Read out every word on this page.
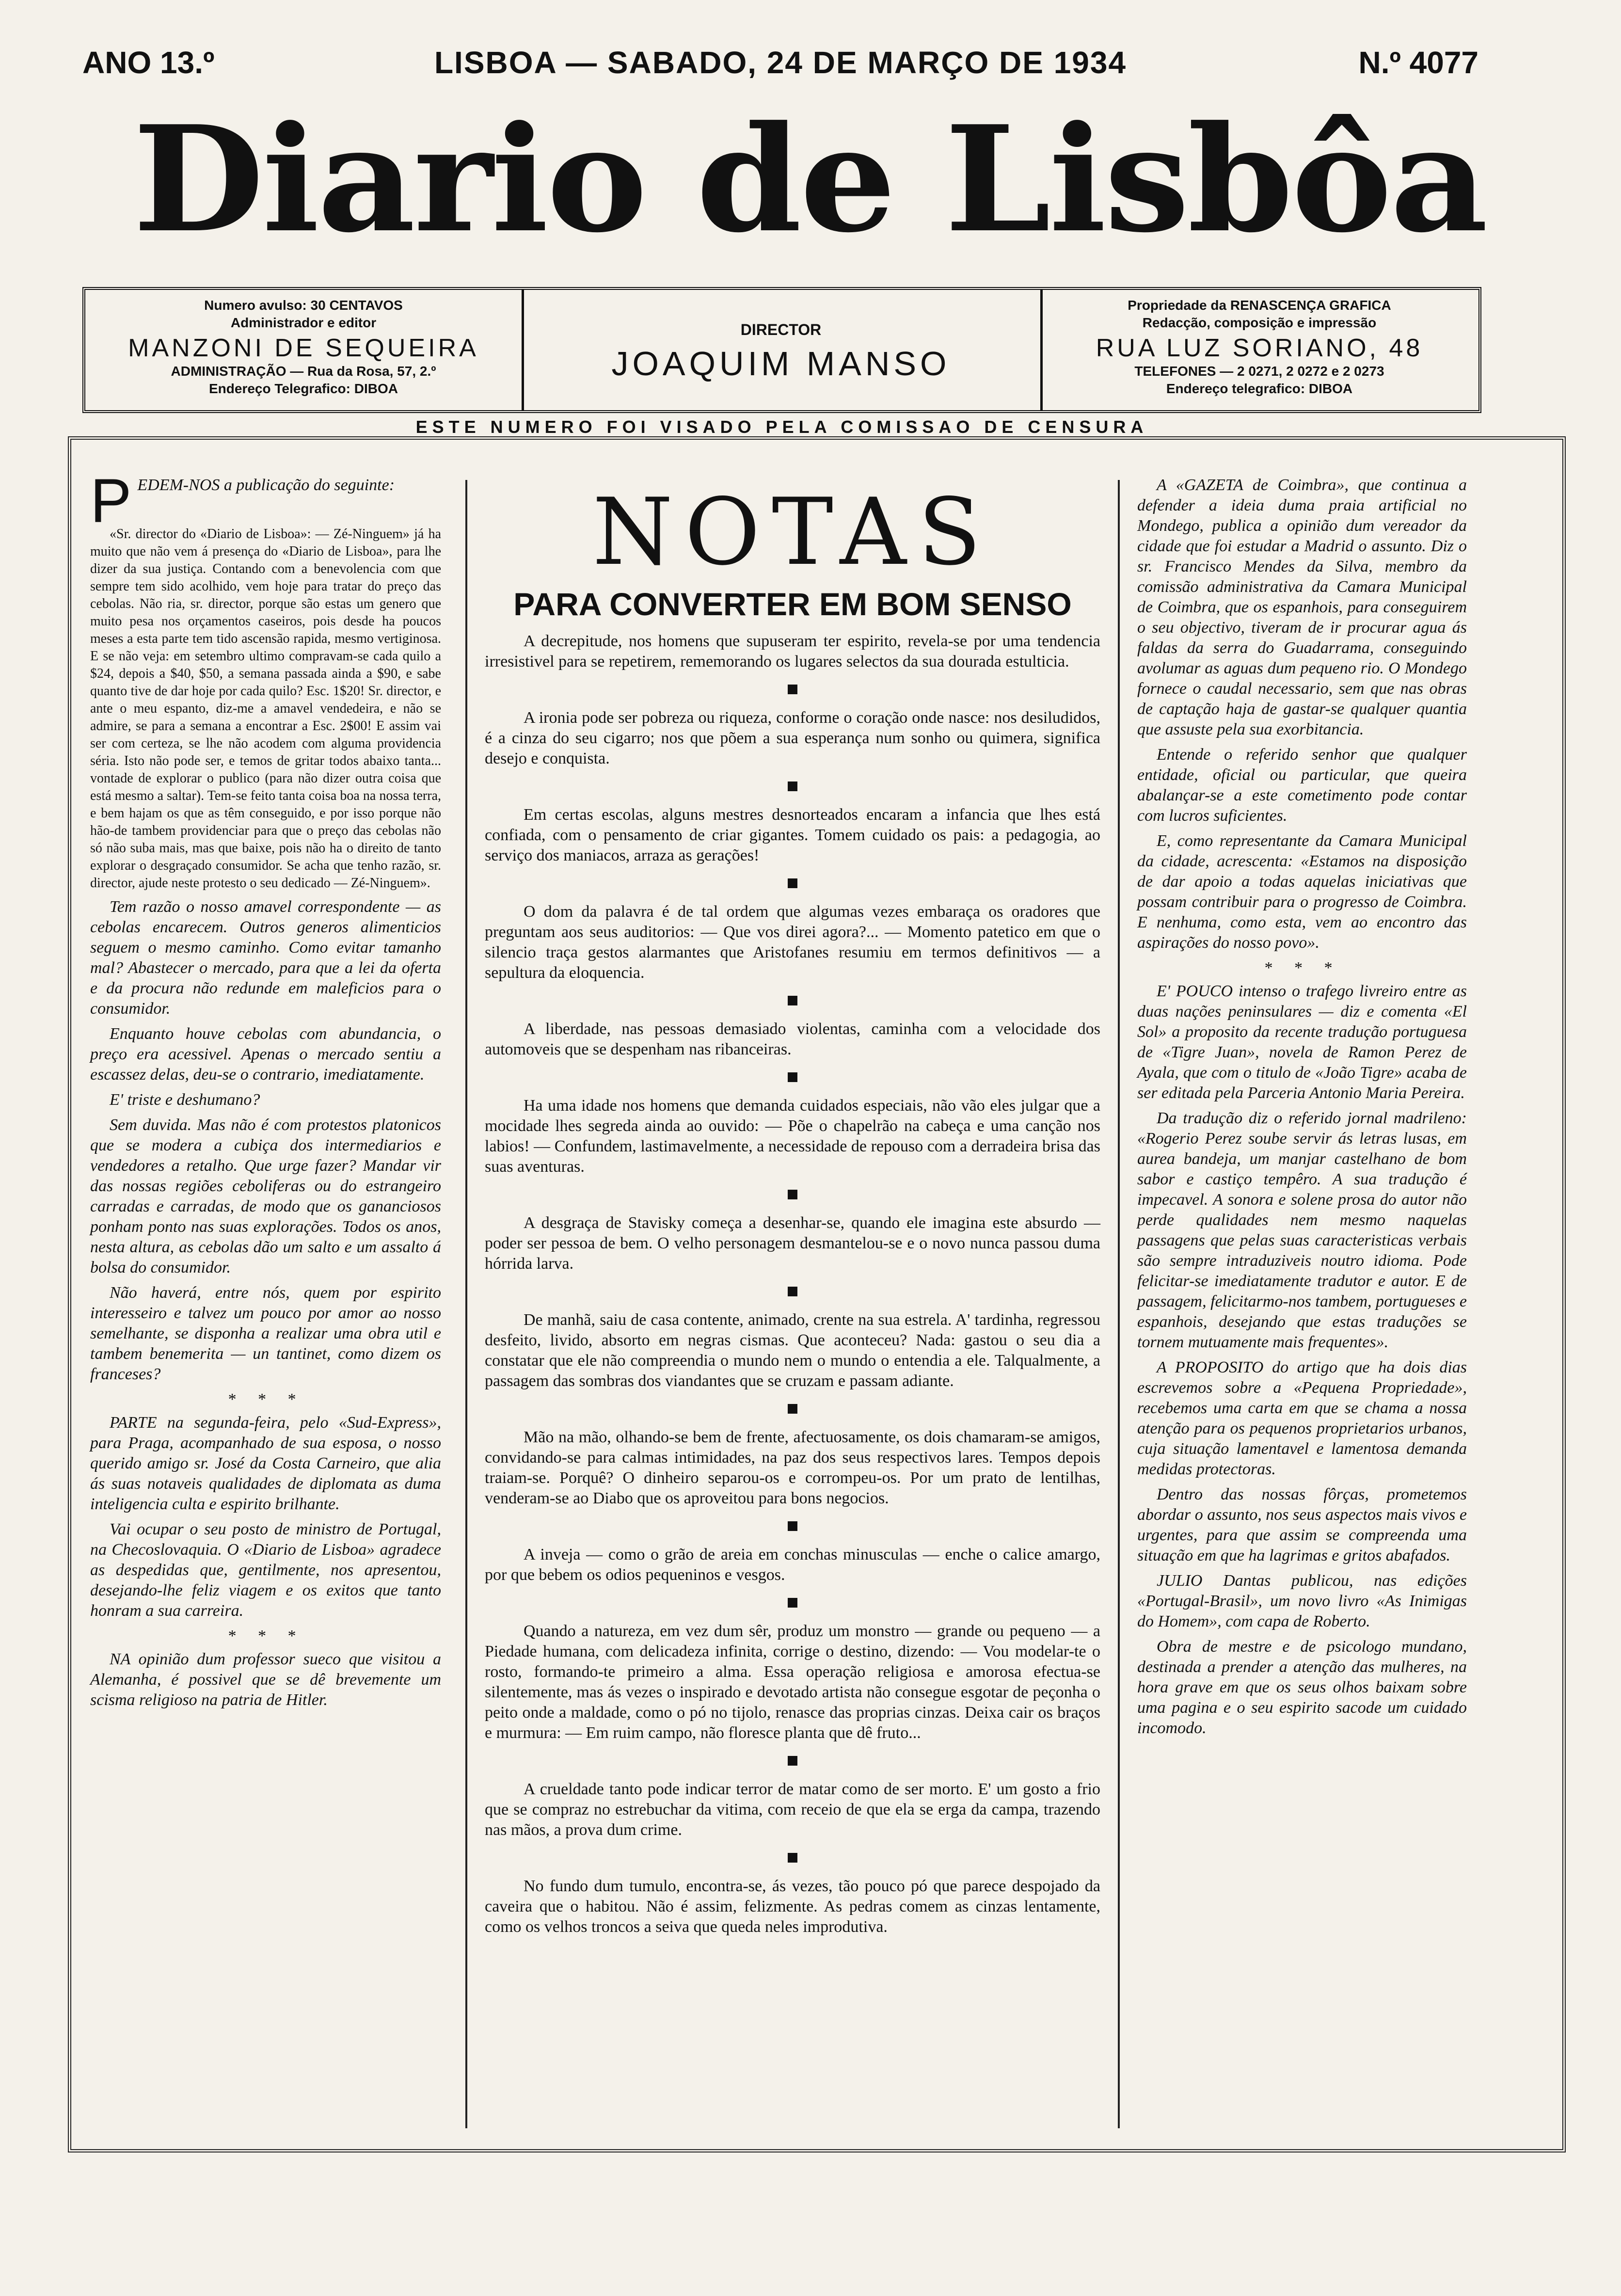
ANO 13.º	LISBOA — SABADO, 24 DE MARÇO DE 1934	N.º 4077
Diario de Lisbôa
Numero avulso: 30 CENTAVOS
Administrador e editor
MANZONI DE SEQUEIRA
ADMINISTRAÇÃO — Rua da Rosa, 57, 2.º
Endereço Telegrafico: DIBOA
DIRECTOR
JOAQUIM MANSO
Propriedade da RENASCENÇA GRAFICA
Redacção, composição e impressão
RUA LUZ SORIANO, 48
TELEFONES — 2 0271, 2 0272 e 2 0273
Endereço telegrafico: DIBOA
ESTE NUMERO FOI VISADO PELA COMISSAO DE CENSURA

PEDEM-NOS a publicação do seguinte:

«Sr. director do «Diario de Lisboa»: — Zé-Ninguem» já ha muito que não vem á presença do «Diario de Lisboa», para lhe dizer da sua justiça. Contando com a benevolencia com que sempre tem sido acolhido, vem hoje para tratar do preço das cebolas. Não ria, sr. director, porque são estas um genero que muito pesa nos orçamentos caseiros, pois desde ha poucos meses a esta parte tem tido ascensão rapida, mesmo vertiginosa. E se não veja: em setembro ultimo compravam-se cada quilo a $24, depois a $40, $50, a semana passada ainda a $90, e sabe quanto tive de dar hoje por cada quilo? Esc. 1$20! Sr. director, e ante o meu espanto, diz-me a amavel vendedeira, e não se admire, se para a semana a encontrar a Esc. 2$00! E assim vai ser com certeza, se lhe não acodem com alguma providencia séria. Isto não pode ser, e temos de gritar todos abaixo tanta... vontade de explorar o publico (para não dizer outra coisa que está mesmo a saltar). Tem-se feito tanta coisa boa na nossa terra, e bem hajam os que as têm conseguido, e por isso porque não hão-de tambem providenciar para que o preço das cebolas não só não suba mais, mas que baixe, pois não ha o direito de tanto explorar o desgraçado consumidor. Se acha que tenho razão, sr. director, ajude neste protesto o seu dedicado — Zé-Ninguem».

Tem razão o nosso amavel correspondente — as cebolas encarecem. Outros generos alimenticios seguem o mesmo caminho. Como evitar tamanho mal? Abastecer o mercado, para que a lei da oferta e da procura não redunde em maleficios para o consumidor.

Enquanto houve cebolas com abundancia, o preço era acessivel. Apenas o mercado sentiu a escassez delas, deu-se o contrario, imediatamente.

E' triste e deshumano?

Sem duvida. Mas não é com protestos platonicos que se modera a cubiça dos intermediarios e vendedores a retalho. Que urge fazer? Mandar vir das nossas regiões ceboliferas ou do estrangeiro carradas e carradas, de modo que os gananciosos ponham ponto nas suas explorações. Todos os anos, nesta altura, as cebolas dão um salto e um assalto á bolsa do consumidor.

Não haverá, entre nós, quem por espirito interesseiro e talvez um pouco por amor ao nosso semelhante, se disponha a realizar uma obra util e tambem benemerita — un tantinet, como dizem os franceses?

* * *

PARTE na segunda-feira, pelo «Sud-Express», para Praga, acompanhado de sua esposa, o nosso querido amigo sr. José da Costa Carneiro, que alia ás suas notaveis qualidades de diplomata as duma inteligencia culta e espirito brilhante.

Vai ocupar o seu posto de ministro de Portugal, na Checoslovaquia. O «Diario de Lisboa» agradece as despedidas que, gentilmente, nos apresentou, desejando-lhe feliz viagem e os exitos que tanto honram a sua carreira.

* * *

NA opinião dum professor sueco que visitou a Alemanha, é possivel que se dê brevemente um scisma religioso na patria de Hitler.

NOTAS
PARA CONVERTER EM BOM SENSO

A decrepitude, nos homens que supuseram ter espirito, revela-se por uma tendencia irresistivel para se repetirem, rememorando os lugares selectos da sua dourada estulticia.

A ironia pode ser pobreza ou riqueza, conforme o coração onde nasce: nos desiludidos, é a cinza do seu cigarro; nos que põem a sua esperança num sonho ou quimera, significa desejo e conquista.

Em certas escolas, alguns mestres desnorteados encaram a infancia que lhes está confiada, com o pensamento de criar gigantes. Tomem cuidado os pais: a pedagogia, ao serviço dos maniacos, arraza as gerações!

O dom da palavra é de tal ordem que algumas vezes embaraça os oradores que preguntam aos seus auditorios: — Que vos direi agora?... — Momento patetico em que o silencio traça gestos alarmantes que Aristofanes resumiu em termos definitivos — a sepultura da eloquencia.

A liberdade, nas pessoas demasiado violentas, caminha com a velocidade dos automoveis que se despenham nas ribanceiras.

Ha uma idade nos homens que demanda cuidados especiais, não vão eles julgar que a mocidade lhes segreda ainda ao ouvido: — Põe o chapelrão na cabeça e uma canção nos labios! — Confundem, lastimavelmente, a necessidade de repouso com a derradeira brisa das suas aventuras.

A desgraça de Stavisky começa a desenhar-se, quando ele imagina este absurdo — poder ser pessoa de bem. O velho personagem desmantelou-se e o novo nunca passou duma hórrida larva.

De manhã, saiu de casa contente, animado, crente na sua estrela. A' tardinha, regressou desfeito, livido, absorto em negras cismas. Que aconteceu? Nada: gastou o seu dia a constatar que ele não compreendia o mundo nem o mundo o entendia a ele. Talqualmente, a passagem das sombras dos viandantes que se cruzam e passam adiante.

Mão na mão, olhando-se bem de frente, afectuosamente, os dois chamaram-se amigos, convidando-se para calmas intimidades, na paz dos seus respectivos lares. Tempos depois traiam-se. Porquê? O dinheiro separou-os e corrompeu-os. Por um prato de lentilhas, venderam-se ao Diabo que os aproveitou para bons negocios.

A inveja — como o grão de areia em conchas minusculas — enche o calice amargo, por que bebem os odios pequeninos e vesgos.

Quando a natureza, em vez dum sêr, produz um monstro — grande ou pequeno — a Piedade humana, com delicadeza infinita, corrige o destino, dizendo: — Vou modelar-te o rosto, formando-te primeiro a alma. Essa operação religiosa e amorosa efectua-se silentemente, mas ás vezes o inspirado e devotado artista não consegue esgotar de peçonha o peito onde a maldade, como o pó no tijolo, renasce das proprias cinzas. Deixa cair os braços e murmura: — Em ruim campo, não floresce planta que dê fruto...

A crueldade tanto pode indicar terror de matar como de ser morto. E' um gosto a frio que se compraz no estrebuchar da vitima, com receio de que ela se erga da campa, trazendo nas mãos, a prova dum crime.

No fundo dum tumulo, encontra-se, ás vezes, tão pouco pó que parece despojado da caveira que o habitou. Não é assim, felizmente. As pedras comem as cinzas lentamente, como os velhos troncos a seiva que queda neles improdutiva.

A «GAZETA de Coimbra», que continua a defender a ideia duma praia artificial no Mondego, publica a opinião dum vereador da cidade que foi estudar a Madrid o assunto. Diz o sr. Francisco Mendes da Silva, membro da comissão administrativa da Camara Municipal de Coimbra, que os espanhois, para conseguirem o seu objectivo, tiveram de ir procurar agua ás faldas da serra do Guadarrama, conseguindo avolumar as aguas dum pequeno rio. O Mondego fornece o caudal necessario, sem que nas obras de captação haja de gastar-se qualquer quantia que assuste pela sua exorbitancia.

Entende o referido senhor que qualquer entidade, oficial ou particular, que queira abalançar-se a este cometimento pode contar com lucros suficientes.

E, como representante da Camara Municipal da cidade, acrescenta: «Estamos na disposição de dar apoio a todas aquelas iniciativas que possam contribuir para o progresso de Coimbra. E nenhuma, como esta, vem ao encontro das aspirações do nosso povo».

* * *

E' POUCO intenso o trafego livreiro entre as duas nações peninsulares — diz e comenta «El Sol» a proposito da recente tradução portuguesa de «Tigre Juan», novela de Ramon Perez de Ayala, que com o titulo de «João Tigre» acaba de ser editada pela Parceria Antonio Maria Pereira.

Da tradução diz o referido jornal madrileno: «Rogerio Perez soube servir ás letras lusas, em aurea bandeja, um manjar castelhano de bom sabor e castiço tempêro. A sua tradução é impecavel. A sonora e solene prosa do autor não perde qualidades nem mesmo naquelas passagens que pelas suas caracteristicas verbais são sempre intraduziveis noutro idioma. Pode felicitar-se imediatamente tradutor e autor. E de passagem, felicitarmo-nos tambem, portugueses e espanhois, desejando que estas traduções se tornem mutuamente mais frequentes».

A PROPOSITO do artigo que ha dois dias escrevemos sobre a «Pequena Propriedade», recebemos uma carta em que se chama a nossa atenção para os pequenos proprietarios urbanos, cuja situação lamentavel e lamentosa demanda medidas protectoras.

Dentro das nossas fôrças, prometemos abordar o assunto, nos seus aspectos mais vivos e urgentes, para que assim se compreenda uma situação em que ha lagrimas e gritos abafados.

JULIO Dantas publicou, nas edições «Portugal-Brasil», um novo livro «As Inimigas do Homem», com capa de Roberto.

Obra de mestre e de psicologo mundano, destinada a prender a atenção das mulheres, na hora grave em que os seus olhos baixam sobre uma pagina e o seu espirito sacode um cuidado incomodo.
